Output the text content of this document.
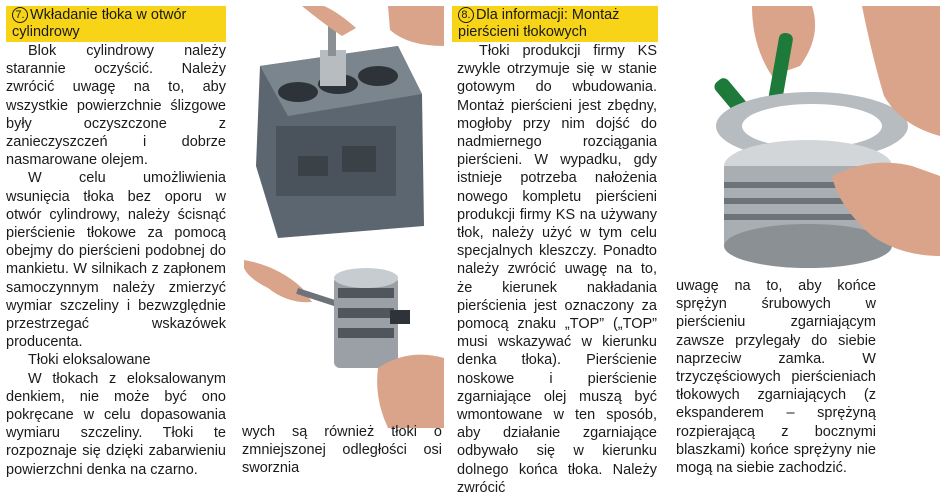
7. Wkładanie tłoka w otwór cylindrowy

Blok cylindrowy należy starannie oczyścić. Należy zwrócić uwagę na to, aby wszystkie powierzchnie ślizgowe były oczyszczone z zanieczyszczeń i dobrze nasmarowane olejem.

W celu umożliwienia wsunięcia tłoka bez oporu w otwór cylindrowy, należy ścisnąć pierścienie tłokowe za pomocą obejmy do pierścieni podobnej do mankietu. W silnikach z zapłonem samoczynnym należy zmierzyć wymiar szczeliny i bezwzględnie przestrzegać wskazówek producenta.

Tłoki eloksalowane

W tłokach z eloksalowanym denkiem, nie może być ono pokręcane w celu dopasowania wymiaru szczeliny. Tłoki te rozpoznaje się dzięki zabarwieniu powierzchni denka na czarno.

wych są również tłoki o zmniejszonej odległości osi sworznia

8. Dla informacji: Montaż pierścieni tłokowych

Tłoki produkcji firmy KS zwykle otrzymuje się w stanie gotowym do wbudowania. Montaż pierścieni jest zbędny, mogłoby przy nim dojść do nadmiernego rozciągania pierścieni. W wypadku, gdy istnieje potrzeba nałożenia nowego kompletu pierścieni produkcji firmy KS na używany tłok, należy użyć w tym celu specjalnych kleszczy. Ponadto należy zwrócić uwagę na to, że kierunek nakładania pierścienia jest oznaczony za pomocą znaku „TOP” („TOP” musi wskazywać w kierunku denka tłoka). Pierścienie noskowe i pierścienie zgarniające olej muszą być wmontowane w ten sposób, aby działanie zgarniające odbywało się w kierunku dolnego końca tłoka. Należy zwrócić

uwagę na to, aby końce sprężyn śrubowych w pierścieniu zgarniającym zawsze przylegały do siebie naprzeciw zamka. W trzyczęściowych pierścieniach tłokowych zgarniających (z ekspanderem – sprężyną rozpierającą z bocznymi blaszkami) końce sprężyny nie mogą na siebie zachodzić.
